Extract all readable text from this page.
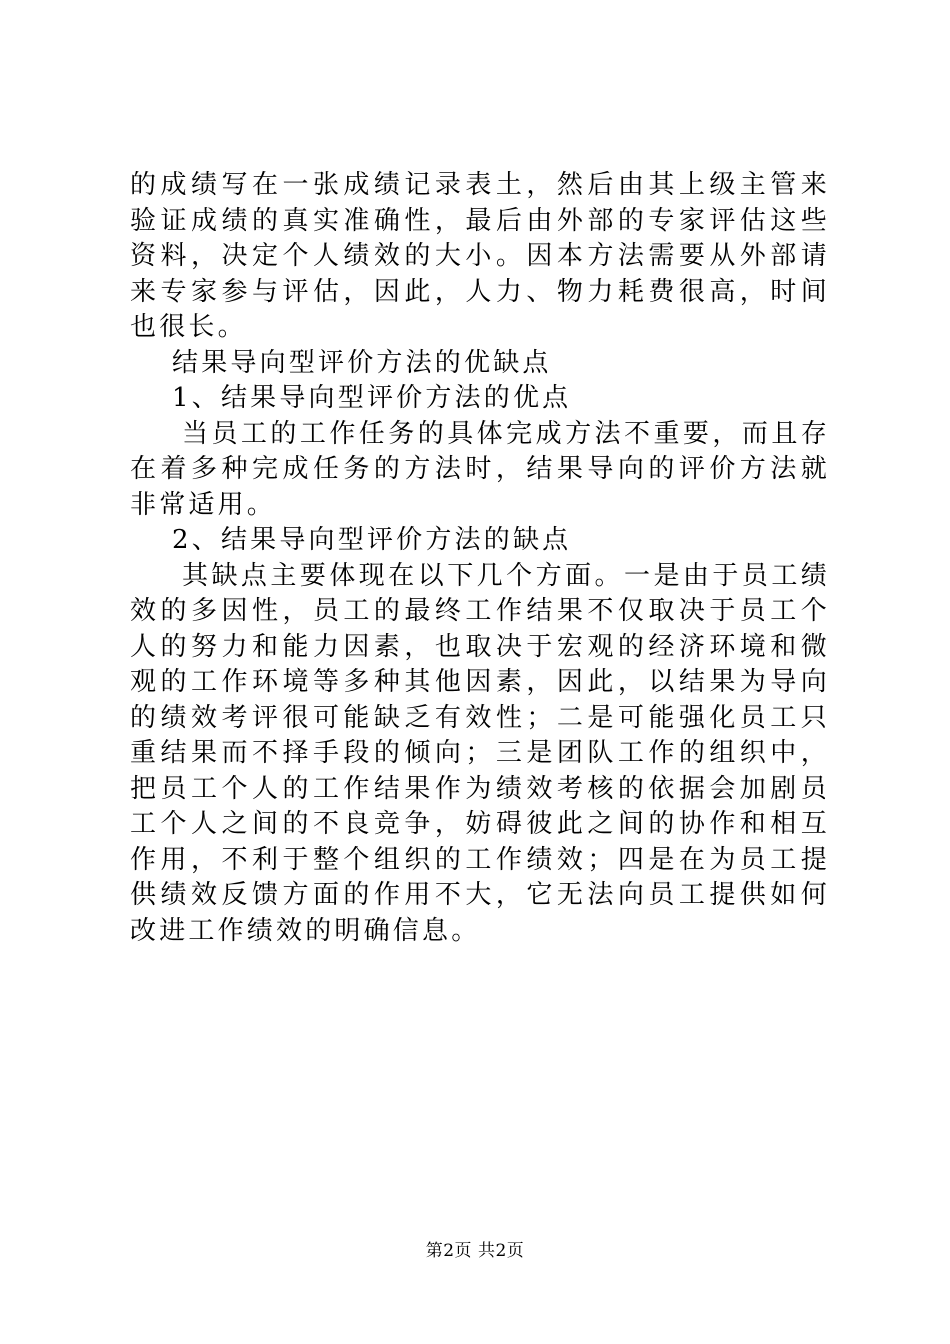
的成绩写在一张成绩记录表土，然后由其上级主管来验证成绩的真实准确性，最后由外部的专家评估这些资料，决定个人绩效的大小。因本方法需要从外部请来专家参与评估，因此，人力、物力耗费很高，时间也很长。

结果导向型评价方法的优缺点

1、结果导向型评价方法的优点

当员工的工作任务的具体完成方法不重要，而且存在着多种完成任务的方法时，结果导向的评价方法就非常适用。

2、结果导向型评价方法的缺点

其缺点主要体现在以下几个方面。一是由于员工绩效的多因性，员工的最终工作结果不仅取决于员工个人的努力和能力因素，也取决于宏观的经济环境和微观的工作环境等多种其他因素，因此，以结果为导向的绩效考评很可能缺乏有效性；二是可能强化员工只重结果而不择手段的倾向；三是团队工作的组织中，把员工个人的工作结果作为绩效考核的依据会加剧员工个人之间的不良竞争，妨碍彼此之间的协作和相互作用，不利于整个组织的工作绩效；四是在为员工提供绩效反馈方面的作用不大，它无法向员工提供如何改进工作绩效的明确信息。

第2页 共2页
